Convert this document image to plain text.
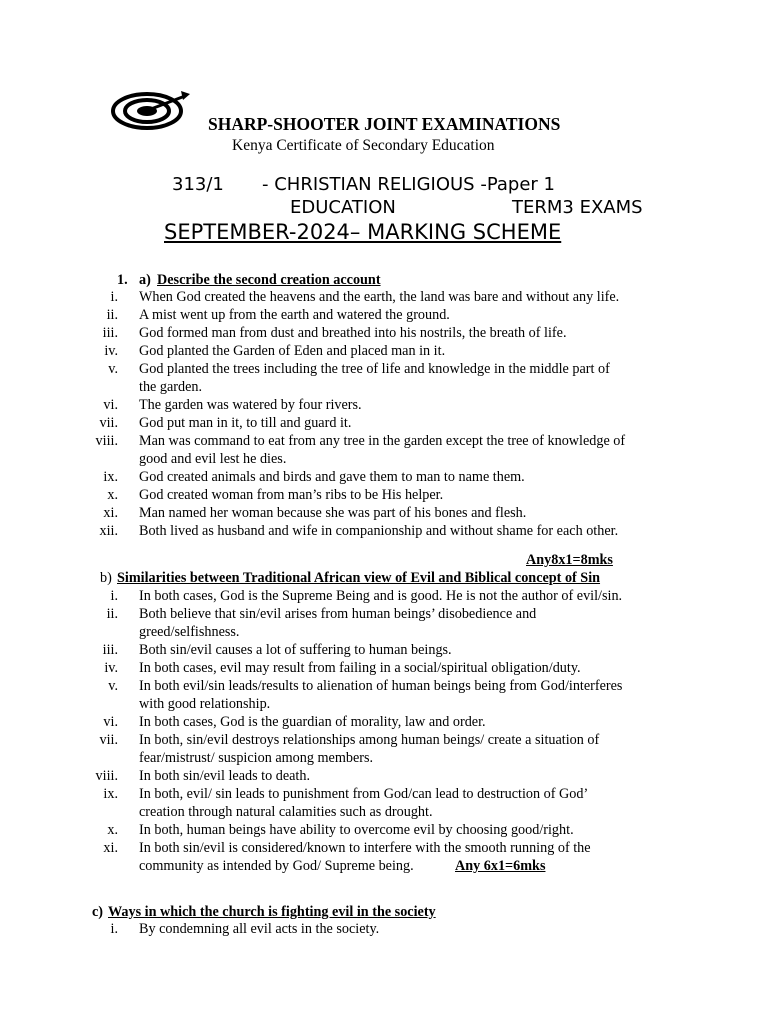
SHARP-SHOOTER JOINT EXAMINATIONS
Kenya Certificate of Secondary Education
313/1 - CHRISTIAN RELIGIOUS -Paper 1
EDUCATION	TERM3 EXAMS
SEPTEMBER-2024– MARKING SCHEME
1. a) Describe the second creation account
i. When God created the heavens and the earth, the land was bare and without any life.
ii. A mist went up from the earth and watered the ground.
iii. God formed man from dust and breathed into his nostrils, the breath of life.
iv. God planted the Garden of Eden and placed man in it.
v. God planted the trees including the tree of life and knowledge in the middle part of
the garden.
vi. The garden was watered by four rivers.
vii. God put man in it, to till and guard it.
viii. Man was command to eat from any tree in the garden except the tree of knowledge of
good and evil lest he dies.
ix. God created animals and birds and gave them to man to name them.
x. God created woman from man’s ribs to be His helper.
xi. Man named her woman because she was part of his bones and flesh.
xii. Both lived as husband and wife in companionship and without shame for each other.
Any8x1=8mks
b) Similarities between Traditional African view of Evil and Biblical concept of Sin
i. In both cases, God is the Supreme Being and is good. He is not the author of evil/sin.
ii. Both believe that sin/evil arises from human beings’ disobedience and
greed/selfishness.
iii. Both sin/evil causes a lot of suffering to human beings.
iv. In both cases, evil may result from failing in a social/spiritual obligation/duty.
v. In both evil/sin leads/results to alienation of human beings being from God/interferes
with good relationship.
vi. In both cases, God is the guardian of morality, law and order.
vii. In both, sin/evil destroys relationships among human beings/ create a situation of
fear/mistrust/ suspicion among members.
viii. In both sin/evil leads to death.
ix. In both, evil/ sin leads to punishment from God/can lead to destruction of God’
creation through natural calamities such as drought.
x. In both, human beings have ability to overcome evil by choosing good/right.
xi. In both sin/evil is considered/known to interfere with the smooth running of the
community as intended by God/ Supreme being.	Any 6x1=6mks
c) Ways in which the church is fighting evil in the society
i. By condemning all evil acts in the society.
